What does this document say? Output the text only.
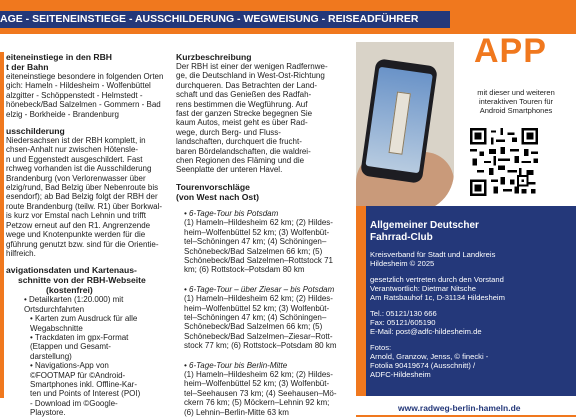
AGE - SEITENEINSTIEGE - AUSSCHILDERUNG - WEGWEISUNG - REISEADFÜHRER

eiteneinstiege in den RBH

t der Bahn

eiteneinstiege besondere in folgenden Orten
gich: Hameln - Hildesheim - Wolfenbüttel
alzgitter - Schöppenstedt - Helmstedt -
hönebeck/Bad Salzelmen - Gommern - Bad
elzig - Borkheide - Brandenburg

usschilderung

Niedersachsen ist der RBH komplett, in
chsen-Anhalt nur zwischen Hötensle-
n und Eggenstedt ausgeschildert. Fast
rchweg vorhanden ist die Ausschilderung
Brandenburg (von Verlorenwasser über
elzig/rund, Bad Belzig über Nebenroute bis
esendorf); ab Bad Belzig folgt der RBH der
route Brandenburg (teilw. R1) über Borkwal-
is kurz vor Emstal nach Lehnin und trifft
Petzow erneut auf den R1. Angrenzende
wege und Knotenpunkte werden für die
gführung genutzt bzw. sind für die Orientie-
hilfreich.

avigationsdaten und Kartenaus-

schnitte von der RBH-Webseite

(kostenfrei)

• Detailkarten (1:20.000) mit
Ortsdurchfahrten

• Karten zum Ausdruck für alle
Wegabschnitte

• Trackdaten im gpx-Format
(Etappen und Gesamt-
darstellung)

• Navigations-App von
©FOOTMAP für ©Android-
Smartphones inkl. Offline-Kar-
ten und Points of Interest (POI)
- Download im ©Google-
Playstore.

Kurzbeschreibung

Der RBH ist einer der wenigen Radfernwe-
ge, die Deutschland in West-Ost-Richtung
durchqueren. Das Betrachten der Land-
schaft und das Genießen des Radfah-
rens bestimmen die Wegführung. Auf
fast der ganzen Strecke begegnen Sie
kaum Autos, meist geht es über Rad-
wege, durch Berg- und Fluss-
landschaften, durchquert die frucht-
baren Bördelandschaften, die waldrei-
chen Regionen des Fläming und die
Seenplatte der unteren Havel.

Tourenvorschläge

(von West nach Ost)

• 6-Tage-Tour bis Potsdam

(1) Hameln–Hildesheim 62 km; (2) Hildes-
heim–Wolfenbüttel 52 km; (3) Wolfenbüt-
tel–Schöningen 47 km; (4) Schöningen–
Schönebeck/Bad Salzelmen 66 km; (5)
Schönebeck/Bad Salzelmen–Rottstock 71
km; (6) Rottstock–Potsdam 80 km

• 6-Tage-Tour – über Ziesar – bis Potsdam

(1) Hameln–Hildesheim 62 km; (2) Hildes-
heim–Wolfenbüttel 52 km; (3) Wolfenbüt-
tel–Schöningen 47 km; (4) Schöningen–
Schönebeck/Bad Salzelmen 66 km; (5)
Schönebeck/Bad Salzelmen–Ziesar–Rott-
stock 77 km; (6) Rottstock–Potsdam 80 km

• 6-Tage-Tour bis Berlin-Mitte

(1) Hameln–Hildesheim 62 km; (2) Hildes-
heim–Wolfenbüttel 52 km; (3) Wolfenbüt-
tel–Seehausen 73 km; (4) Seehausen–Mö-
ckern 76 km; (5) Möckern–Lehnin 92 km;
(6) Lehnin–Berlin-Mitte 63 km

APP
mit dieser und weiteren
interaktiven Touren für
Android Smartphones

Allgemeiner Deutscher
Fahrrad-Club

Kreisverband für Stadt und Landkreis
Hildesheim © 2025

gesetzlich vertreten durch den Vorstand
Verantwortlich: Dietmar Nitsche
Am Ratsbauhof 1c, D-31134 Hildesheim

Tel.: 05121/130 666
Fax: 05121/605190
E-Mail: post@adfc-hildesheim.de

Fotos:
Arnold, Granzow, Jenss, © finecki -
Fotolia 90419674 (Ausschnitt) /
ADFC-Hildesheim

www.radweg-berlin-hameln.de
